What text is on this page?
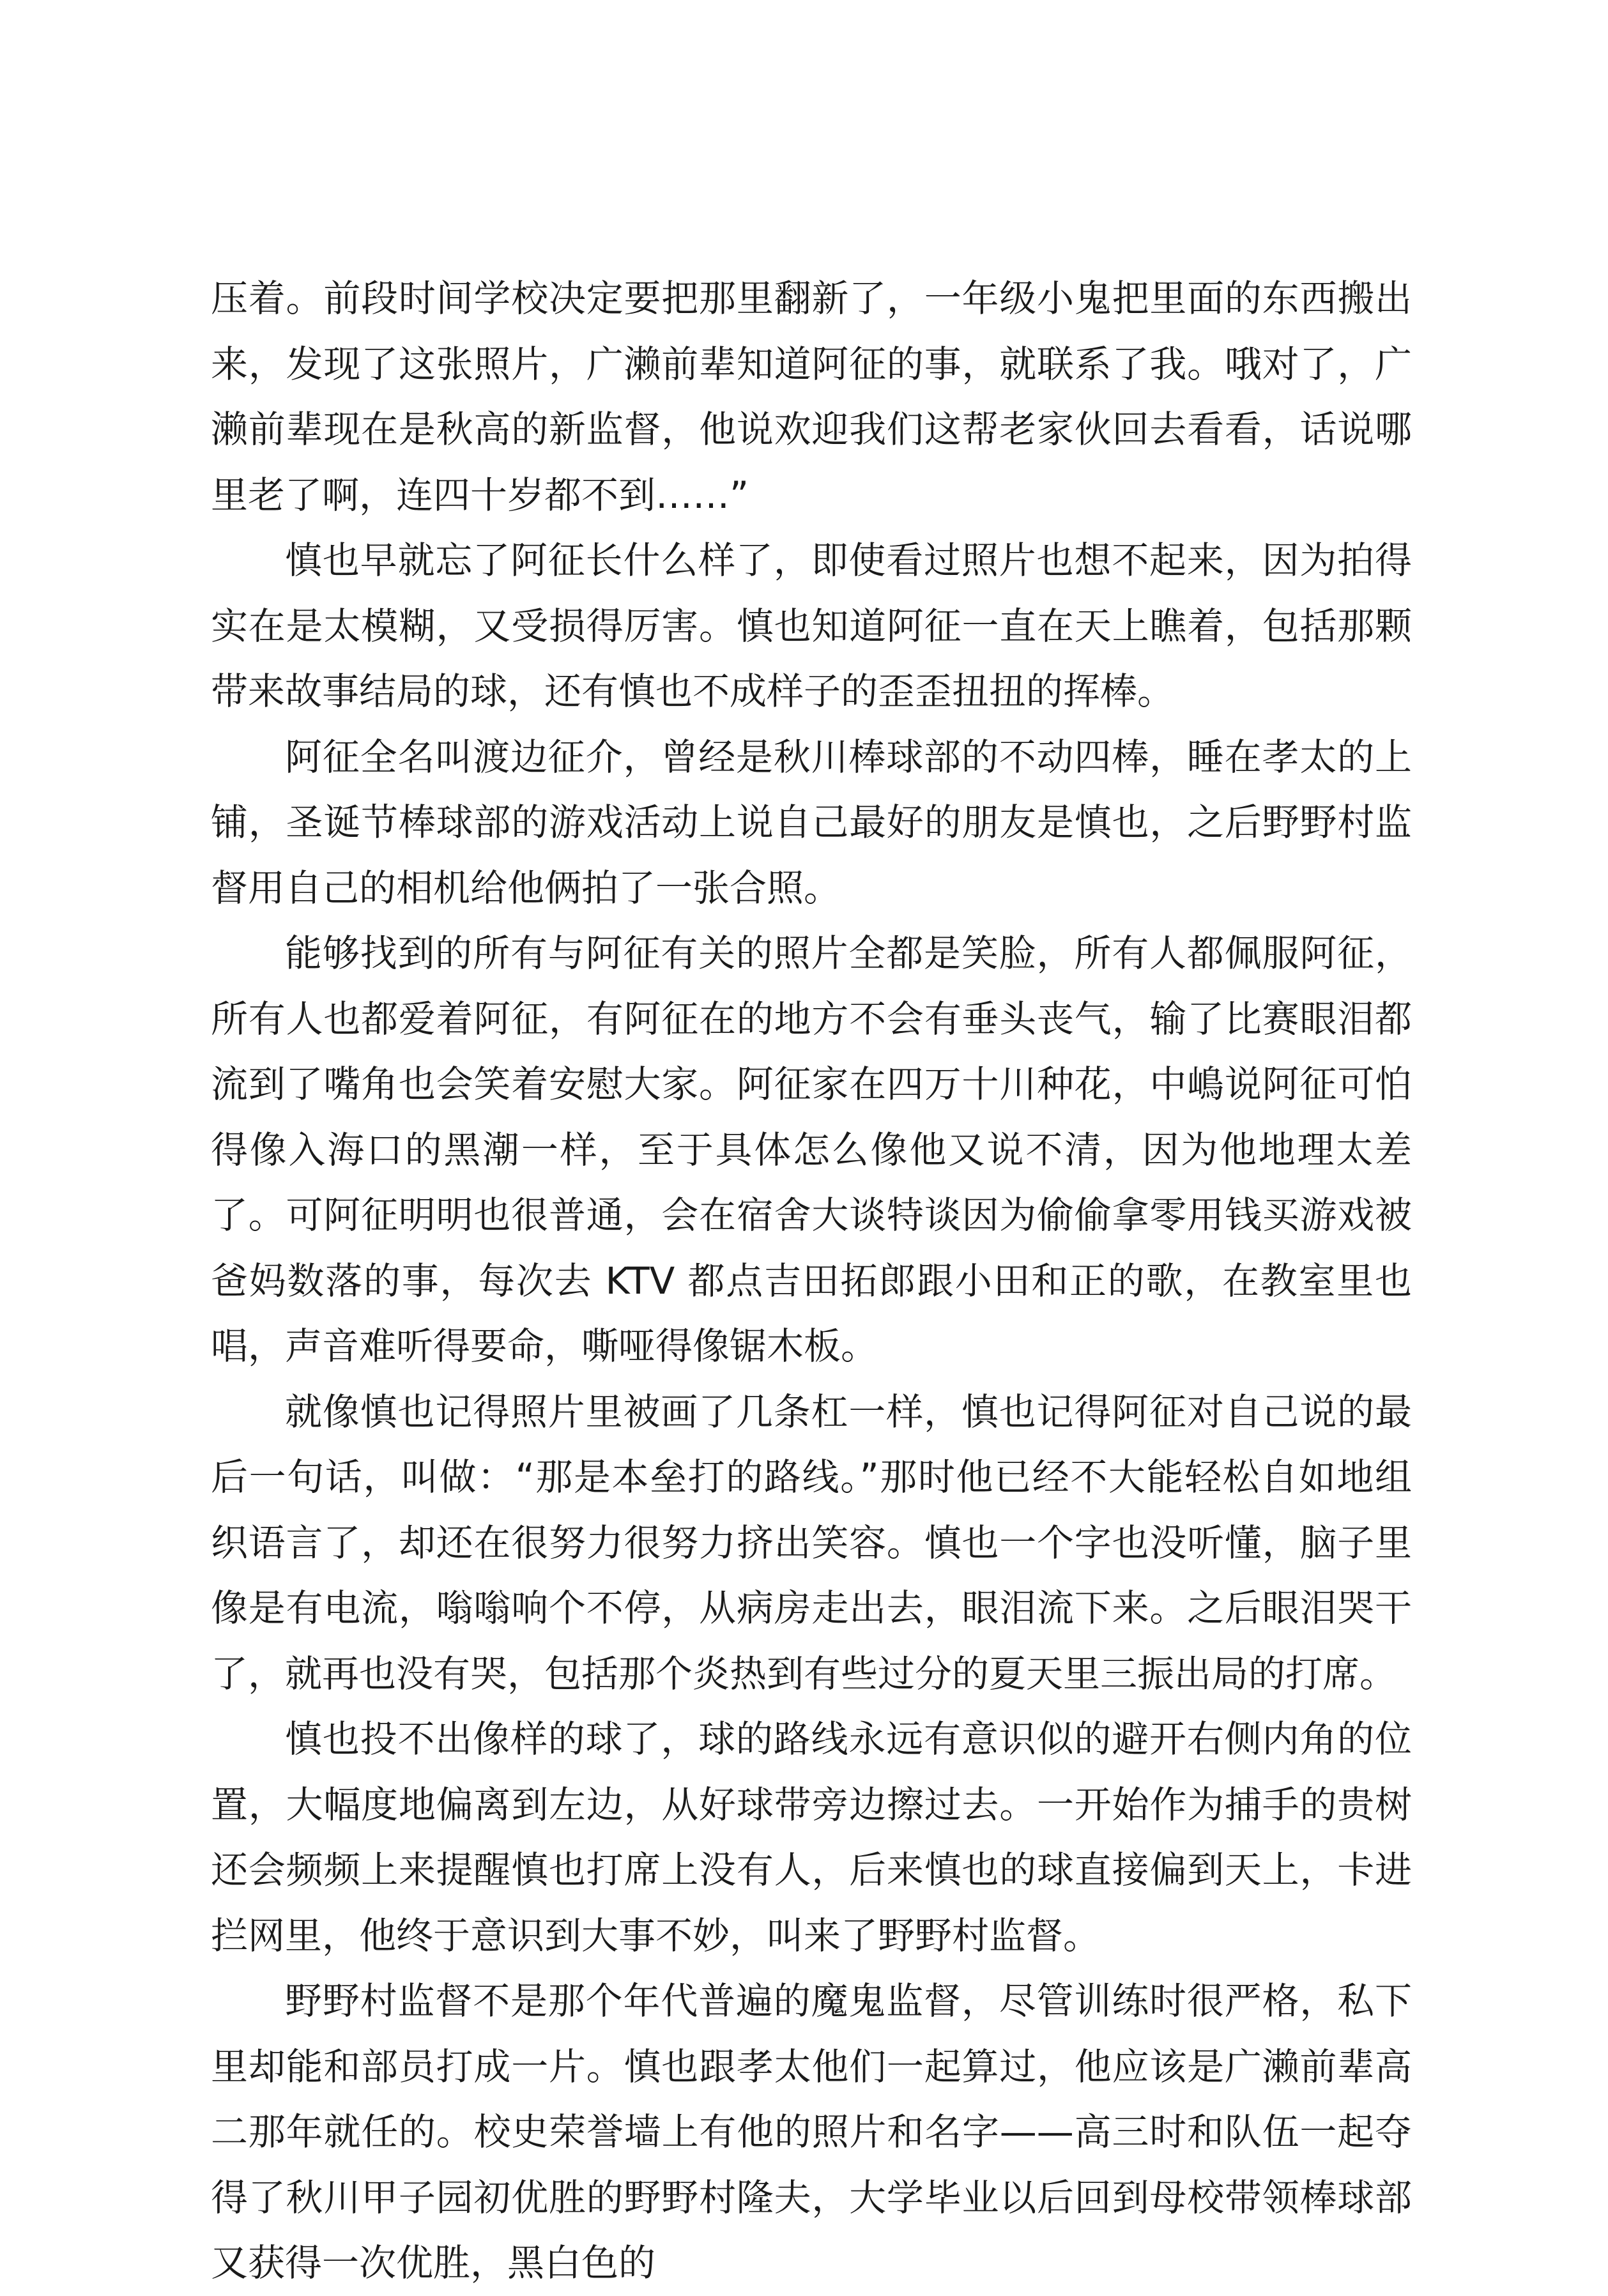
压着。前段时间学校决定要把那里翻新了，一年级小鬼把里面的东西搬出来，发现了这张照片，广濑前辈知道阿征的事，就联系了我。哦对了，广濑前辈现在是秋高的新监督，他说欢迎我们这帮老家伙回去看看，话说哪里老了啊，连四十岁都不到……”

慎也早就忘了阿征长什么样了，即使看过照片也想不起来，因为拍得实在是太模糊，又受损得厉害。慎也知道阿征一直在天上瞧着，包括那颗带来故事结局的球，还有慎也不成样子的歪歪扭扭的挥棒。

阿征全名叫渡边征介，曾经是秋川棒球部的不动四棒，睡在孝太的上铺，圣诞节棒球部的游戏活动上说自己最好的朋友是慎也，之后野野村监督用自己的相机给他俩拍了一张合照。

能够找到的所有与阿征有关的照片全都是笑脸，所有人都佩服阿征，所有人也都爱着阿征，有阿征在的地方不会有垂头丧气，输了比赛眼泪都流到了嘴角也会笑着安慰大家。阿征家在四万十川种花，中嶋说阿征可怕得像入海口的黑潮一样，至于具体怎么像他又说不清，因为他地理太差了。可阿征明明也很普通，会在宿舍大谈特谈因为偷偷拿零用钱买游戏被爸妈数落的事，每次去 KTV 都点吉田拓郎跟小田和正的歌，在教室里也唱，声音难听得要命，嘶哑得像锯木板。

就像慎也记得照片里被画了几条杠一样，慎也记得阿征对自己说的最后一句话，叫做：“那是本垒打的路线。”那时他已经不大能轻松自如地组织语言了，却还在很努力很努力挤出笑容。慎也一个字也没听懂，脑子里像是有电流，嗡嗡响个不停，从病房走出去，眼泪流下来。之后眼泪哭干了，就再也没有哭，包括那个炎热到有些过分的夏天里三振出局的打席。

慎也投不出像样的球了，球的路线永远有意识似的避开右侧内角的位置，大幅度地偏离到左边，从好球带旁边擦过去。一开始作为捕手的贵树还会频频上来提醒慎也打席上没有人，后来慎也的球直接偏到天上，卡进拦网里，他终于意识到大事不妙，叫来了野野村监督。

野野村监督不是那个年代普遍的魔鬼监督，尽管训练时很严格，私下里却能和部员打成一片。慎也跟孝太他们一起算过，他应该是广濑前辈高二那年就任的。校史荣誉墙上有他的照片和名字——高三时和队伍一起夺得了秋川甲子园初优胜的野野村隆夫，大学毕业以后回到母校带领棒球部又获得一次优胜，黑白色的
